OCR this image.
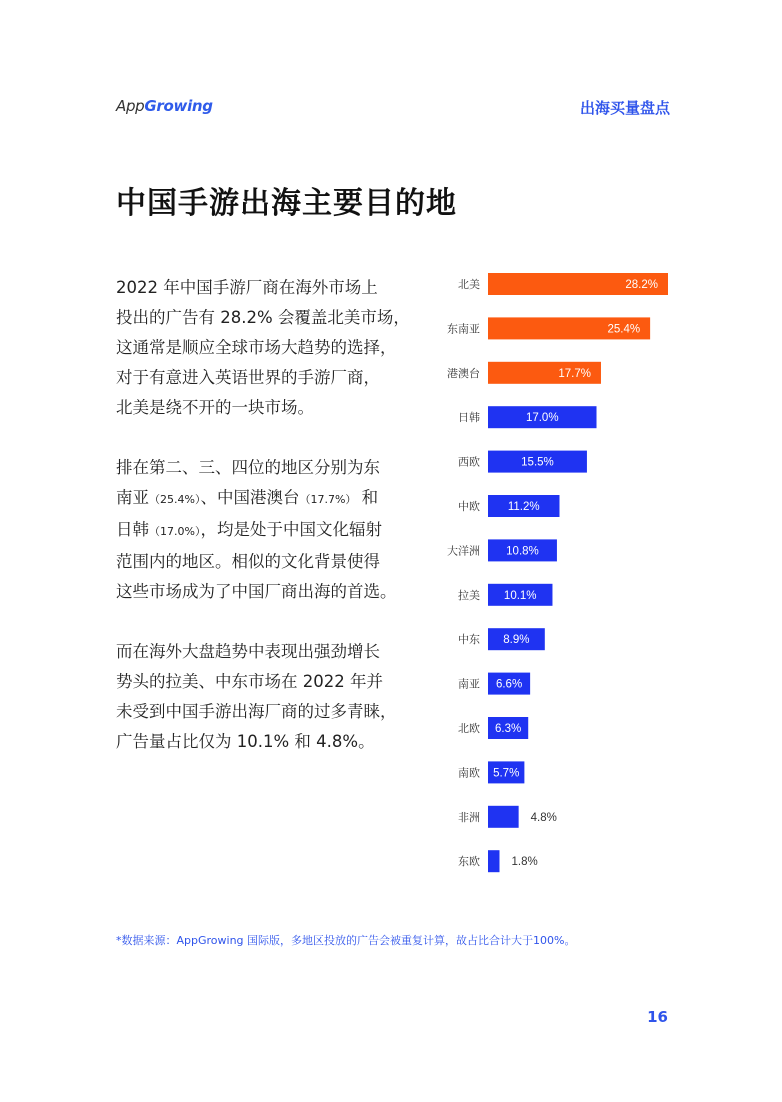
App Growing	出海买量盘点
中国手游出海主要目的地

2022 年中国手游厂商在海外市场上

投出的广告有 28.2% 会覆盖北美市场，

这通常是顺应全球市场大趋势的选择，

对于有意进入英语世界的手游厂商，

北美是绕不开的一块市场。

排在第二、三、四位的地区分别为东

南亚（25.4%）、中国港澳台（17.7%） 和

日韩（17.0%），均是处于中国文化辐射

范围内的地区。相似的文化背景使得

这些市场成为了中国厂商出海的首选。

而在海外大盘趋势中表现出强劲增长

势头的拉美、中东市场在 2022 年并

未受到中国手游出海厂商的过多青睐，

广告量占比仅为 10.1% 和 4.8%。

北美	28.2%
东南亚	25.4%
港澳台	17.7%
日韩	17.0%
西欧	15.5%
中欧 11.2%
大洋洲 10.8%
拉美 10.1%
中东 8.9%
南亚 6.6%
北欧 6.3%
南欧 5.7%
非洲	4.8%
东欧	1.8%
*数据来源：AppGrowing 国际版，多地区投放的广告会被重复计算，故占比合计大于100%。
16
